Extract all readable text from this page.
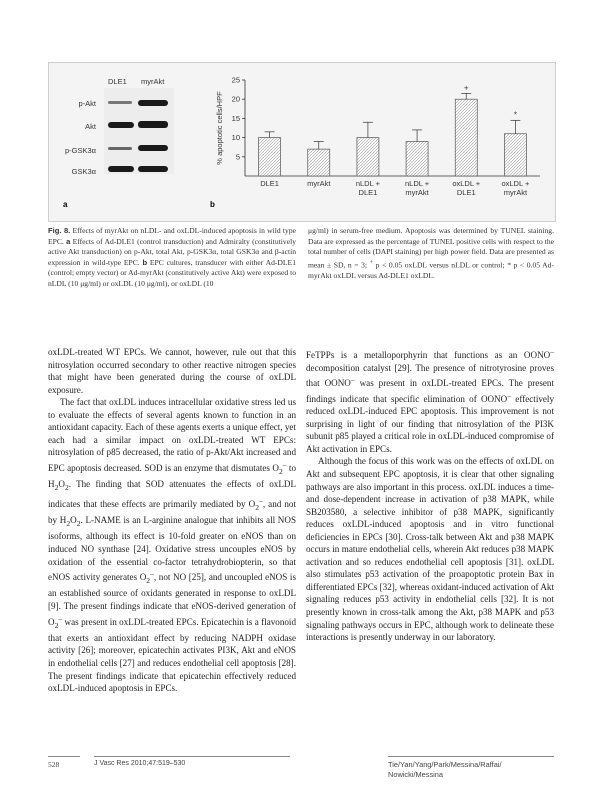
DLE1 myrAkt
p-Akt
Akt
p-GSK3α
GSK3α
a	b
5
10
15
20
25
% apoptotic cells/HPF
DLE1	myrAkt	nLDL +
DLE1
nLDL +
myrAkt
+
oxLDL +
DLE1
*
oxLDL +
myrAkt
Fig. 8. Effects of myrAkt on nLDL- and oxLDL-induced apoptosis in wild type EPC. a Effects of Ad-DLE1 (control transduction) and Admiralty (constitutively active Akt transduction) on p-Akt, total Akt, p-GSK3α, total GSK3α and β-actin expression in wild-type EPC. b EPC cultures, transducer with either Ad-DLE1 (control; empty vector) or Ad-myrAkt (constitutively active Akt) were exposed to nLDL (10 μg/ml) or oxLDL (10 μg/ml), or oxLDL (10
μg/ml) in serum-free medium. Apoptosis was determined by TUNEL staining. Data are expressed as the percentage of TUNEL positive cells with respect to the total number of cells (DAPI staining) per high power field. Data are presented as mean ± SD, n = 3; + p < 0.05 oxLDL versus nLDL or control; * p < 0.05 Ad-myrAkt oxLDL versus Ad-DLE1 oxLDL.

oxLDL-treated WT EPCs. We cannot, however, rule out that this nitrosylation occurred secondary to other reactive nitrogen species that might have been generated during the course of oxLDL exposure.

The fact that oxLDL induces intracellular oxidative stress led us to evaluate the effects of several agents known to function in an antioxidant capacity. Each of these agents exerts a unique effect, yet each had a similar impact on oxLDL-treated WT EPCs: nitrosylation of p85 decreased, the ratio of p-Akt/Akt increased and EPC apoptosis decreased. SOD is an enzyme that dismutates $O_2^-$ to $H_2O_2$. The finding that SOD attenuates the effects of oxLDL indicates that these effects are primarily mediated by $O_2^-$, and not by $H_2O_2$. L-NAME is an L-arginine analogue that inhibits all NOS isoforms, although its effect is 10-fold greater on eNOS than on induced NO synthase [24]. Oxidative stress uncouples eNOS by oxidation of the essential co-factor tetrahydrobiopterin, so that eNOS activity generates $O_2^-$, not NO [25], and uncoupled eNOS is an established source of oxidants generated in response to oxLDL [9]. The present findings indicate that eNOS-derived generation of $O_2^-$ was present in oxLDL-treated EPCs. Epicatechin is a flavonoid that exerts an antioxidant effect by reducing NADPH oxidase activity [26]; moreover, epicatechin activates PI3K, Akt and eNOS in endothelial cells [27] and reduces endothelial cell apoptosis [28]. The present findings indicate that epicatechin effectively reduced oxLDL-induced apoptosis in EPCs.

FeTPPs is a metalloporphyrin that functions as an OONO– decomposition catalyst [29]. The presence of nitrotyrosine proves that OONO– was present in oxLDL-treated EPCs. The present findings indicate that specific elimination of OONO– effectively reduced oxLDL-induced EPC apoptosis. This improvement is not surprising in light of our finding that nitrosylation of the PI3K subunit p85 played a critical role in oxLDL-induced compromise of Akt activation in EPCs.

Although the focus of this work was on the effects of oxLDL on Akt and subsequent EPC apoptosis, it is clear that other signaling pathways are also important in this process. oxLDL induces a time- and dose-dependent increase in activation of p38 MAPK, while SB203580, a selective inhibitor of p38 MAPK, significantly reduces oxLDL-induced apoptosis and in vitro functional deficiencies in EPCs [30]. Cross-talk between Akt and p38 MAPK occurs in mature endothelial cells, wherein Akt reduces p38 MAPK activation and so reduces endothelial cell apoptosis [31]. oxLDL also stimulates p53 activation of the proapoptotic protein Bax in differentiated EPCs [32], whereas oxidant-induced activation of Akt signaling reduces p53 activity in endothelial cells [32]. It is not presently known in cross-talk among the Akt, p38 MAPK and p53 signaling pathways occurs in EPC, although work to delineate these interactions is presently underway in our laboratory.

528	J Vasc Res 2010;47:519–530	Tie/Yan/Yang/Park/Messina/Raffai/
Nowicki/Messina
